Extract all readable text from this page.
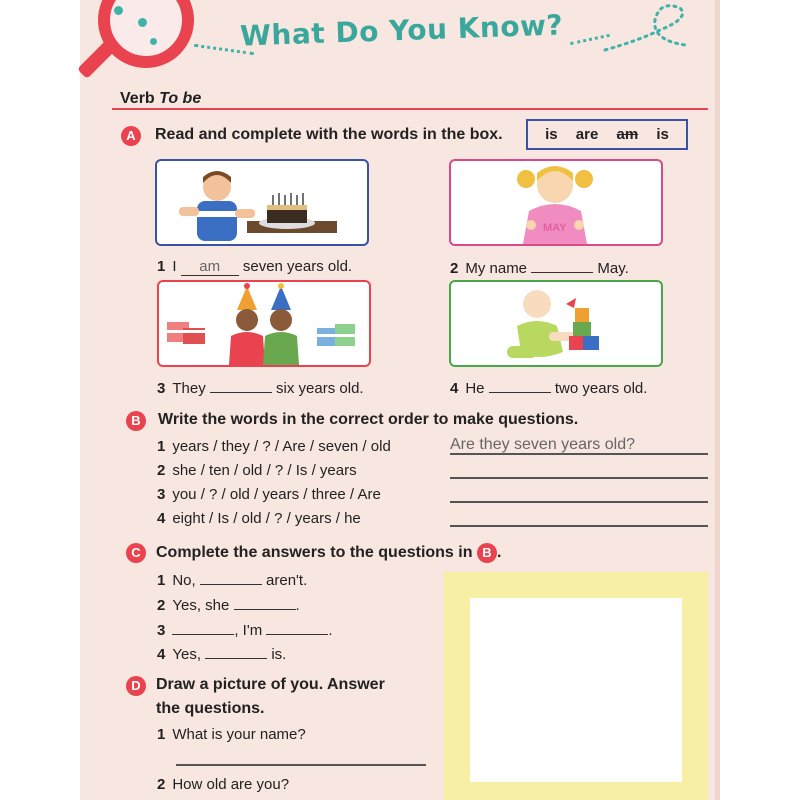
What Do You Know?
Verb To be
A	Read and complete with the words in the box.	is are am is
MAY
1 I am seven years old.	2 My name	May.
3 They	six years old.	4 He	two years old.
B	Write the words in the correct order to make questions.
1 years / they / ? / Are / seven / old	Are they seven years old?
2 she / ten / old / ? / Is / years
3 you / ? / old / years / three / Are
4 eight / Is / old / ? / years / he
C Complete the answers to the questions in B .
1 No,	aren't.
2 Yes, she	.
3	, I'm	.
4 Yes,	is.
D Draw a picture of you. Answer
the questions.
1 What is your name?
2 How old are you?
